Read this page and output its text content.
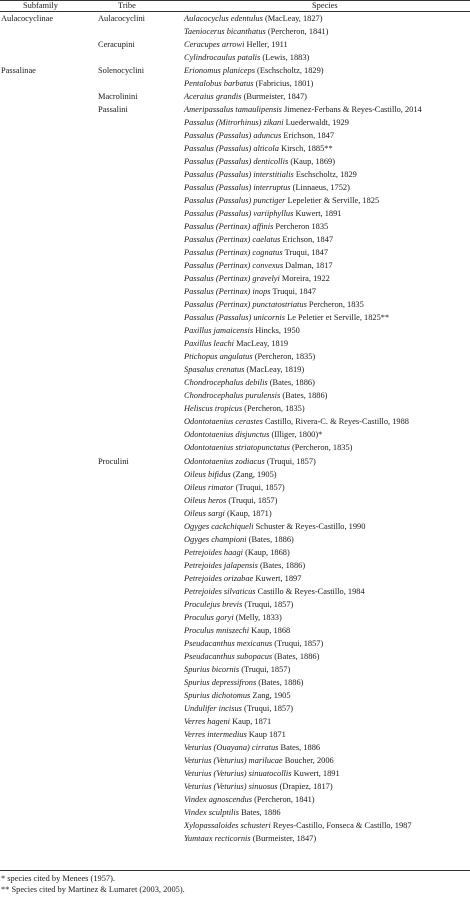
Subfamily	Tribe	Species
Aulacocyclus edentulus (MacLeay, 1827)
Taeniocerus bicanthatus (Percheron, 1841)
Ceracupes arrowi Heller, 1911
Cylindrocaulus patalis (Lewis, 1883)
Erionomus planiceps (Eschscholtz, 1829)
Pentalobus barbatus (Fabricius, 1801)
Aceraius grandis (Burmeister, 1847)
Ameripassalus tamaulipensis Jimenez-Ferbans & Reyes-Castillo, 2014
Passalus (Mitrorhinus) zikani Luederwaldt, 1929
Passalus (Passalus) aduncus Erichson, 1847
Passalus (Passalus) alticola Kirsch, 1885**
Passalus (Passalus) denticollis (Kaup, 1869)
Passalus (Passalus) interstitialis Eschscholtz, 1829
Passalus (Passalus) interruptus (Linnaeus, 1752)
Passalus (Passalus) punctiger Lepeletier & Serville, 1825
Passalus (Passalus) variiphyllus Kuwert, 1891
Passalus (Pertinax) affinis Percheron 1835
Passalus (Pertinax) caelatus Erichson, 1847
Passalus (Pertinax) cognatus Truqui, 1847
Passalus (Pertinax) convexus Dalman, 1817
Passalus (Pertinax) gravelyi Moreira, 1922
Passalus (Pertinax) inops Truqui, 1847
Passalus (Pertinax) punctatostriatus Percheron, 1835
Passalus (Passalus) unicornis Le Peletier et Serville, 1825**
Paxillus jamaicensis Hincks, 1950
Paxillus leachi MacLeay, 1819
Ptichopus angulatus (Percheron, 1835)
Spasalus crenatus (MacLeay, 1819)
Chondrocephalus debilis (Bates, 1886)
Chondrocephalus purulensis (Bates, 1886)
Heliscus tropicus (Percheron, 1835)
Odontotaenius cerastes Castillo, Rivera-C. & Reyes-Castillo, 1988
Odontotaenius disjunctus (Illiger, 1800)*
Odontotaenius striatopunctatus (Percheron, 1835)
Odontotaenius zodiacus (Truqui, 1857)
Oileus bifidus (Zang, 1905)
Oileus rimator (Truqui, 1857)
Oileus heros (Truqui, 1857)
Oileus sargi (Kaup, 1871)
Ogyges cackchiqueli Schuster & Reyes-Castillo, 1990
Ogyges championi (Bates, 1886)
Petrejoides haagi (Kaup, 1868)
Petrejoides jalapensis (Bates, 1886)
Petrejoides orizabae Kuwert, 1897
Petrejoides silvaticus Castillo & Reyes-Castillo, 1984
Proculejus brevis (Truqui, 1857)
Proculus goryi (Melly, 1833)
Proculus mniszechi Kaup, 1868
Pseudacanthus mexicanus (Truqui, 1857)
Pseudacanthus subopacus (Bates, 1886)
Spurius bicornis (Truqui, 1857)
Spurius depressifrons (Bates, 1886)
Spurius dichotomus Zang, 1905
Undulifer incisus (Truqui, 1857)
Verres hageni Kaup, 1871
Verres intermedius Kaup 1871
Veturius (Ouayana) cirratus Bates, 1886
Veturius (Veturius) marilucae Boucher, 2006
Veturius (Veturius) sinuatocollis Kuwert, 1891
Veturius (Veturius) sinuosus (Drapiez, 1817)
Vindex agnoscendus (Percheron, 1841)
Vindex sculptilis Bates, 1886
Xylopassaloides schusteri Reyes-Castillo, Fonseca & Castillo, 1987
Yumtaax recticornis (Burmeister, 1847)
Aulacocyclinae
Passalinae
Aulacocyclini
Ceracupini
Solenocyclini
Macrolinini
Passalini
Proculini
* species cited by Menees (1957).
** Species cited by Martinez & Lumaret (2003, 2005).
